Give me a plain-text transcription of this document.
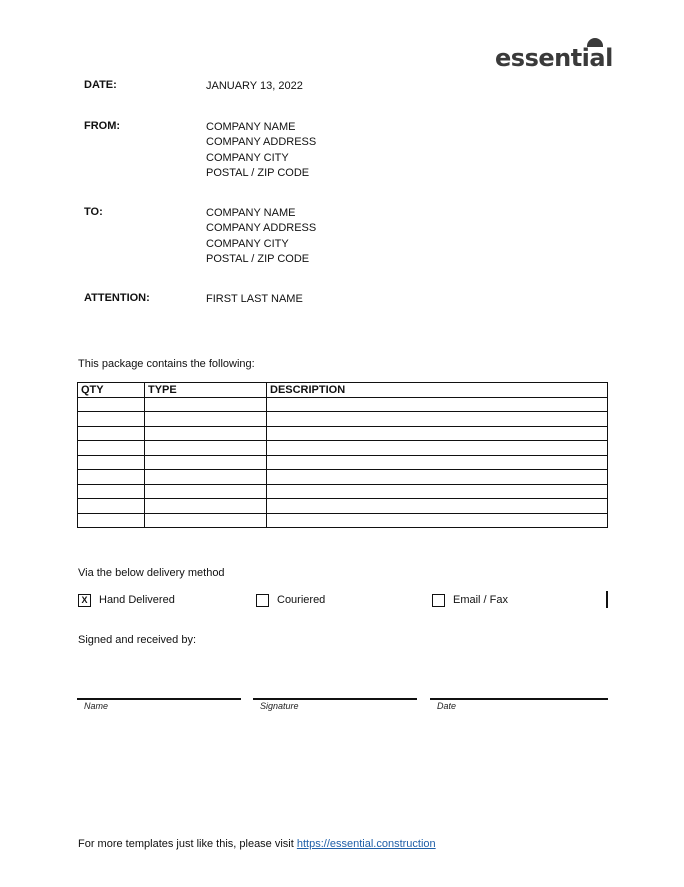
essential
DATE:	JANUARY 13, 2022
FROM:	COMPANY NAME
COMPANY ADDRESS
COMPANY CITY
POSTAL / ZIP CODE
TO:	COMPANY NAME
COMPANY ADDRESS
COMPANY CITY
POSTAL / ZIP CODE
ATTENTION:	FIRST LAST NAME
This package contains the following:
QTY	TYPE	DESCRIPTION

Via the below delivery method
X	Hand Delivered	Couriered	Email / Fax
Signed and received by:
Name	Signature	Date
For more templates just like this, please visit https://essential.construction
